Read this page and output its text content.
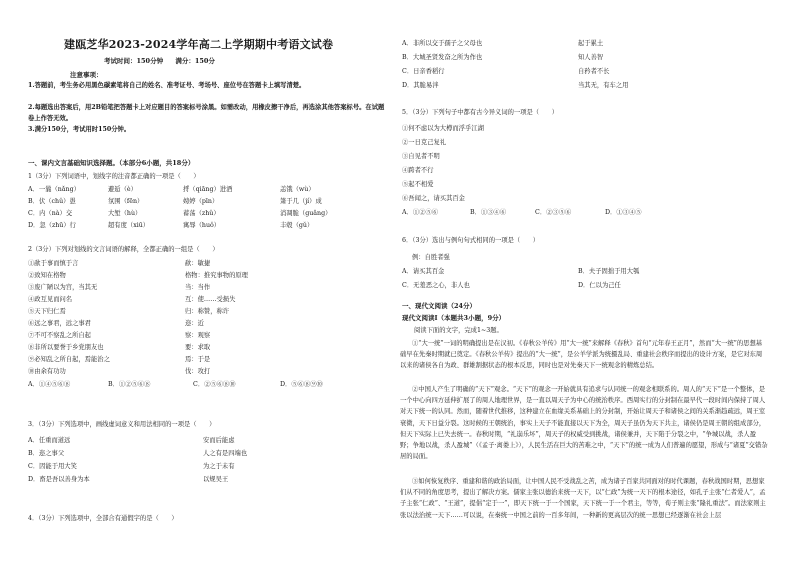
建瓯芝华2023-2024学年高二上学期期中考语文试卷
考试时间：150分钟 满分：150分
注意事项：
1.答题前，考生务必用黑色碳素笔将自己的姓名、准考证号、考场号、座位号在答题卡上填写清楚。
2.每题选出答案后，用2B铅笔把答题卡上对应题目的答案标号涂黑。如需改动，用橡皮擦干净后，再选涂其他答案标号。在试题卷上作答无效。
3.满分150分，考试用时150分钟。
一、课内文言基础知识选择题。（本部分6小题，共18分）
1（3分）下列词语中，划线字的注音都正确的一项是（　　）
A．一曩（nǎng）	避逅（è）	捋（qiāng）进酒	恙饿（wù）
B．伏（chǔ）愚	氛围（fēn）	娉婷（pīn）	箫于几（jí）成
C．内（nà）交	大堑（hù）	蓄荡（zhǔ）	消凋脆（guǎng）
D．忽（zhū）行	超有度（xiū）	寓辱（huǒ）	丰毂（gǔ）
2（3分）下列对划线的文言词语的解释，全都正确的一组是（　　）
①歃于事而慎于言	歃：敏捷
②致知在格物	格物：推究事物的原理
③废广陋以为宫，当其无	当：当作
④政互见而问名	互：使……受损失
⑤天下归仁焉	归：称赞，称许
⑥远之事君，远之事君	迩：近
⑦不可不察乱之所自起	察：观察
⑧非所以要誉于乡党朋友也	要：求取
⑨必知乱之所自起，焉能治之	焉：于是
⑩由余有功功	伐：攻打
A．①④⑤⑥⑧	B．①②⑤⑥⑧	C．②⑤⑥⑧⑩	D．⑤⑥⑧⑨⑩
3．（3分）下列选项中，画线虚词意义和用法相同的一项是（　　）
A．任重而道远	安而后能虑
B．迩之事父	人之有是四端也
C．因能于用大笑	为之于未有
D．畜是吾以善身为本	以规吴王
4．（3分）下列选项中，全部合有通假字的是（　　）
A．非所以交于孺子之父母也	起于累土
B．大城圣贤发奋之所为作也	知人善智
C．日亲香稻行	自矜者不长
D．其脆易泮	当其无，有车之用
5．（3分）下列句子中都有古今异义词的一项是（　　）
①何不虑以为大樽而浮乎江湖
②一日克己复礼
③自见者不明
④跨者不行
⑤起不相爱
⑥吾闻之，请买其百金
A．①②⑤⑥	B．①③④⑥	C．②③⑤⑥	D．①③④⑤
6．（3分）选出与例句句式相同的一项是（　　）
例：自胜者强
A．请买其百金	B．夫子固拙于用大瓠
C．无羞恶之心，非人也	D．仁以为己任
一、现代文阅读（24分）
现代文阅读Ⅰ（本题共3小题，9分）
阅读下面的文字，完成1~3题。
①“大一统”一词的明确提出是在汉初。《春秋公羊传》用“大一统”来解释《春秋》首句“元年春王正月”，然而“大一统”的思想基础早在先秦时期就已奠定。《春秋公羊传》提出的“大一统”，是公羊学派为统摄乱局、重建社会秩序而提出的设计方案，是它对东周以来的诸侯各自为政、群雄割据状态的根本反思，同时也是对先秦天下一统观念的精炼总结。
②中国人产生了明确的“天下”观念。“天下”的观念一开始就具有追求与认同统一的观念相联系的。周人的“天下”是一个整体，是一个中心向四方延伸扩展了的周人地理世界，是一直以周天子为中心的统治秩序。西周实行的分封制在最早代一段时间内保持了周人对天下统一的认同。然而，随着世代推移，这种建立在血缘关系基础上的分封制，开始让周天子和诸侯之间的关系渐趋疏远，周王室衰微，天下日益分裂。这时候的王朝统治，事实上天子不能直接以天下为全，周天子虽仍为天下共主，诸侯仍是周王朝的组成部分，但天下实际上已失去统一。春秋时期，“礼崩乐坏”，周天子的权威受到挑战，诸侯兼并，天下陷于分裂之中，“争城以战，杀人盈野；争地以战，杀人盈城”（《孟子·离娄上》），人民生活在巨大的苦难之中，“天下”的统一成为人们普遍的愿望，形成与“诸夏”交错杂居的局面。
③如何恢复秩序、重建和谐的政治局面，让中国人民不受战乱之苦，成为诸子百家共同面对的时代课题，春秋战国时期，思想家们从不同的角度思考，提出了解决方案。儒家主张以德治来统一天下，以“仁政”为统一天下的根本途径，如孔子主张“仁者爱人”，孟子主张“仁政”、“王道”，提倡“定于一”，即天下统一于一个国家，天下统一于一个君主，等等，荀子则主张“隆礼重法”。而法家则主张以法治统一天下……可以说，在秦统一中国之前的一百多年间，一种新的更高层次的统一思想已经逐渐在社会上层
